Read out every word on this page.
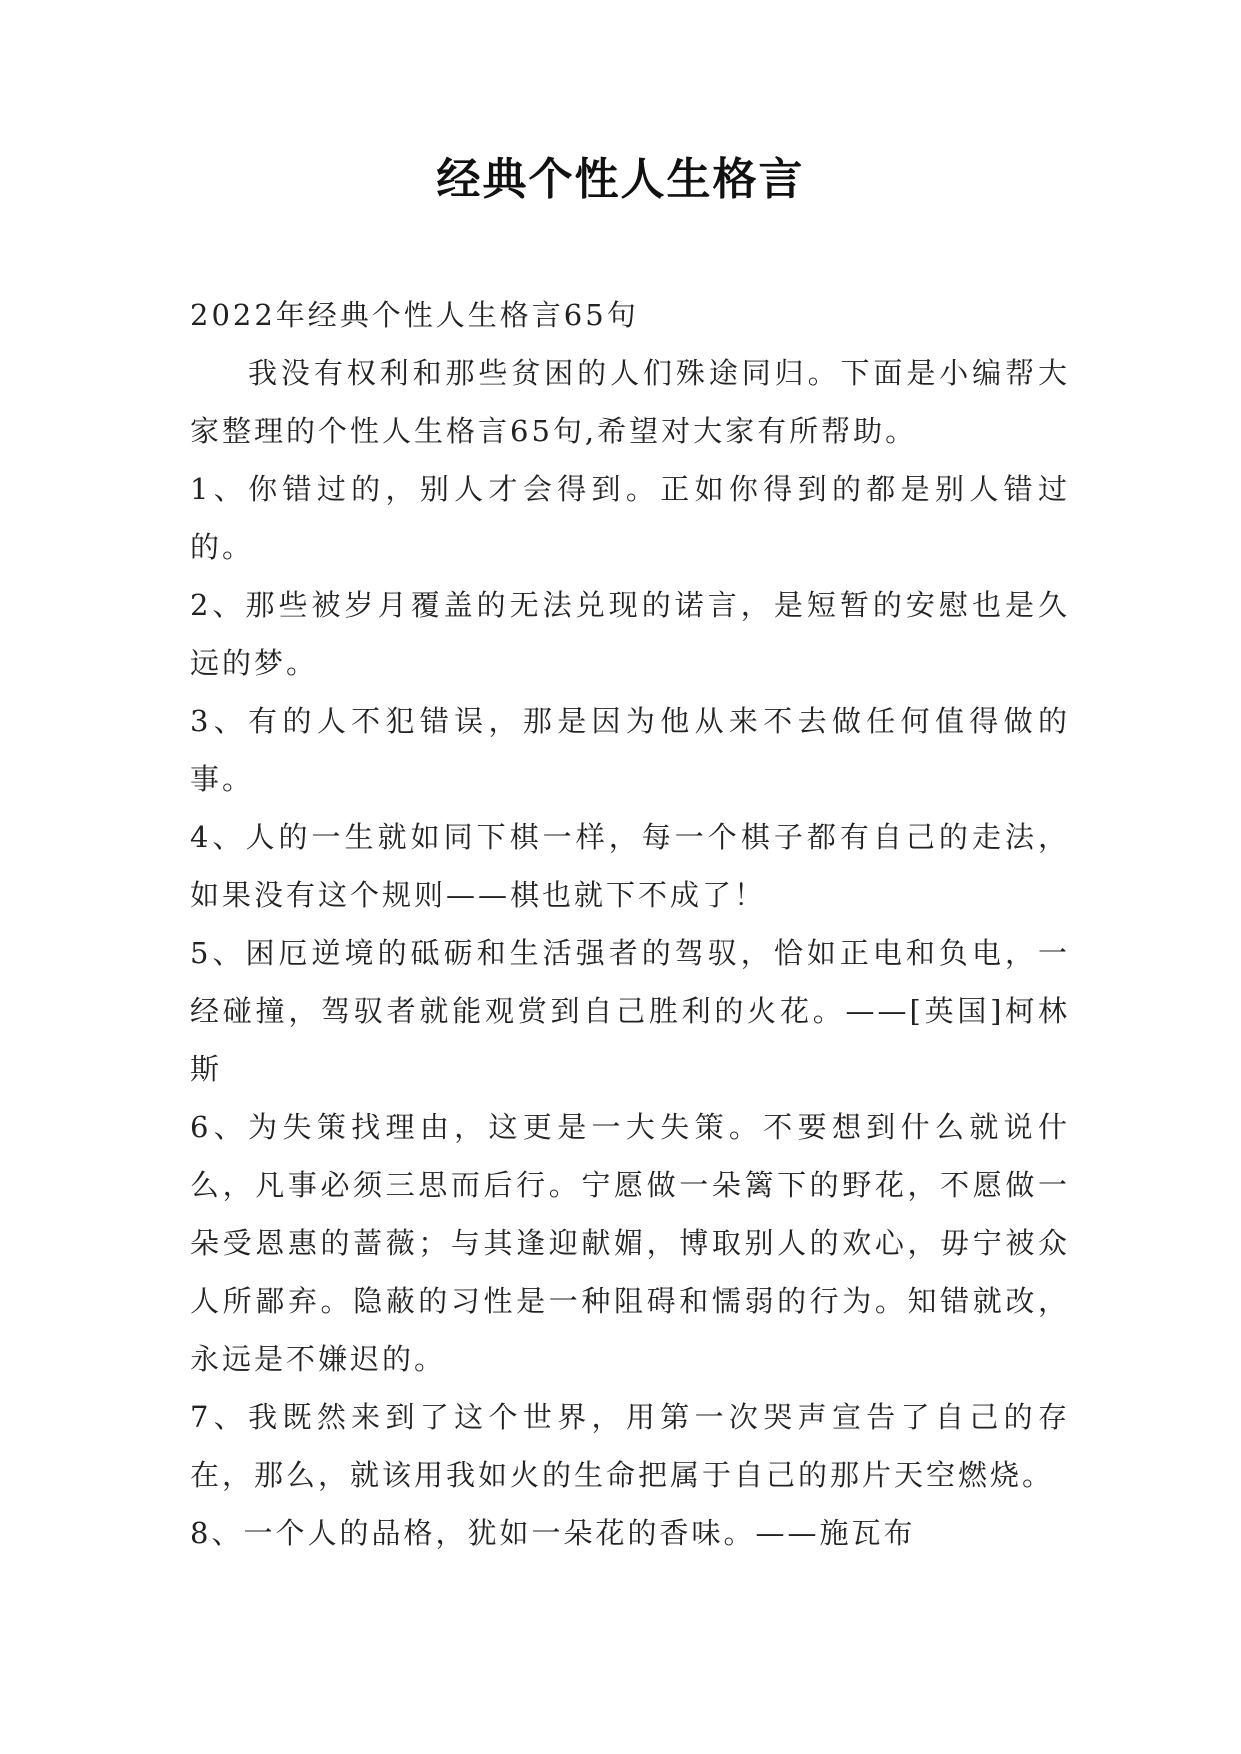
经典个性人生格言

2022年经典个性人生格言65句

我没有权利和那些贫困的人们殊途同归。下面是小编帮大家整理的个性人生格言65句,希望对大家有所帮助。

1、你错过的，别人才会得到。正如你得到的都是别人错过的。

2、那些被岁月覆盖的无法兑现的诺言，是短暂的安慰也是久远的梦。

3、有的人不犯错误，那是因为他从来不去做任何值得做的事。

4、人的一生就如同下棋一样，每一个棋子都有自己的走法，如果没有这个规则——棋也就下不成了！

5、困厄逆境的砥砺和生活强者的驾驭，恰如正电和负电，一经碰撞，驾驭者就能观赏到自己胜利的火花。——[英国]柯林斯

6、为失策找理由，这更是一大失策。不要想到什么就说什么，凡事必须三思而后行。宁愿做一朵篱下的野花，不愿做一朵受恩惠的蔷薇；与其逢迎献媚，博取别人的欢心，毋宁被众人所鄙弃。隐蔽的习性是一种阻碍和懦弱的行为。知错就改，永远是不嫌迟的。

7、我既然来到了这个世界，用第一次哭声宣告了自己的存在，那么，就该用我如火的生命把属于自己的那片天空燃烧。

8、一个人的品格，犹如一朵花的香味。——施瓦布
